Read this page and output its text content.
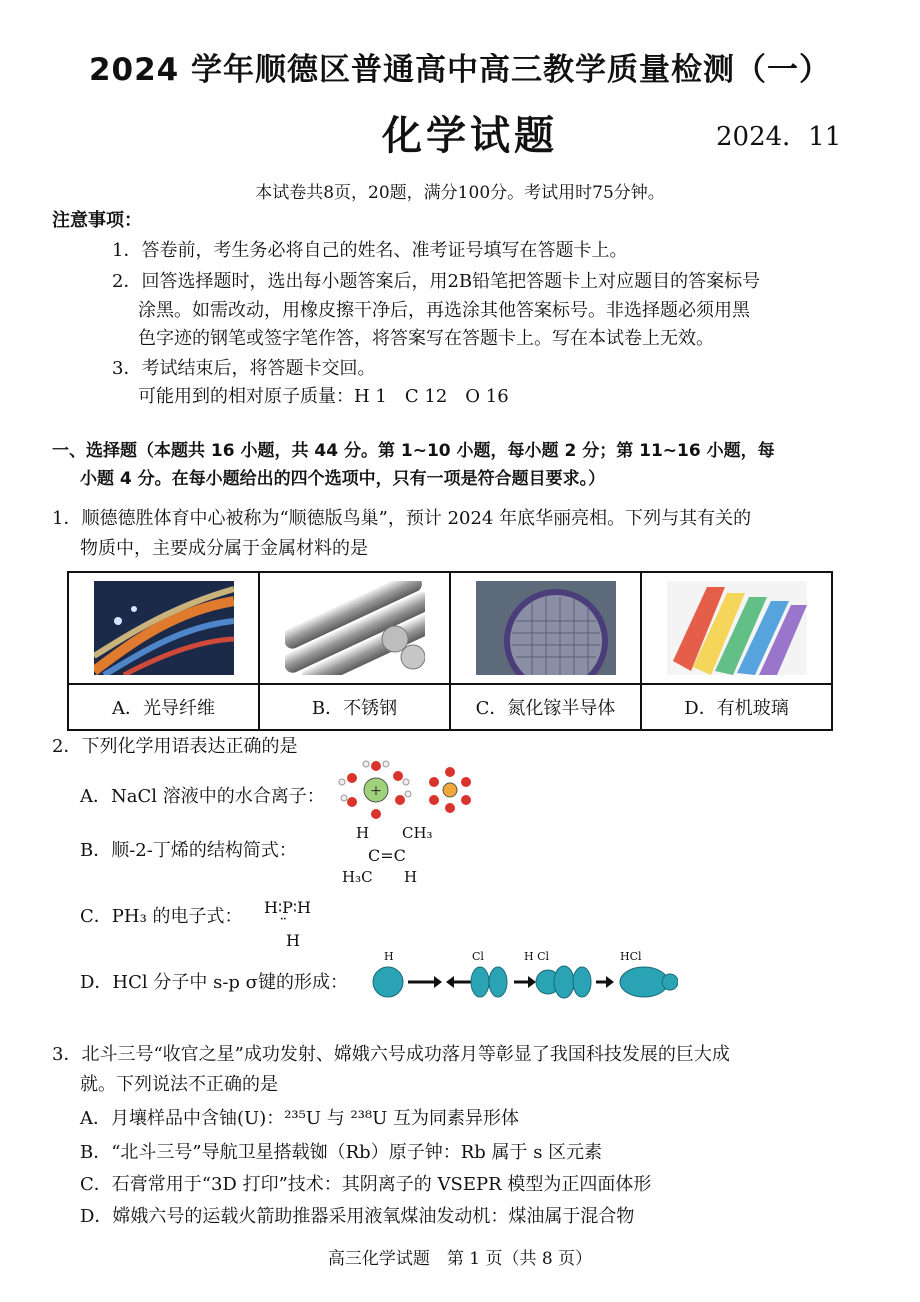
2024 学年顺德区普通高中高三教学质量检测（一）
化学试题	2024．11
本试卷共8页，20题，满分100分。考试用时75分钟。
注意事项：
1．答卷前，考生务必将自己的姓名、准考证号填写在答题卡上。
2．回答选择题时，选出每小题答案后，用2B铅笔把答题卡上对应题目的答案标号
涂黑。如需改动，用橡皮擦干净后，再选涂其他答案标号。非选择题必须用黑
色字迹的钢笔或签字笔作答，将答案写在答题卡上。写在本试卷上无效。
3．考试结束后，将答题卡交回。
可能用到的相对原子质量：H 1　C 12　O 16
一、选择题（本题共 16 小题，共 44 分。第 1~10 小题，每小题 2 分；第 11~16 小题，每
小题 4 分。在每小题给出的四个选项中，只有一项是符合题目要求。）
1．顺德德胜体育中心被称为“顺德版鸟巢”，预计 2024 年底华丽亮相。下列与其有关的
物质中，主要成分属于金属材料的是

A．光导纤维	B．不锈钢	C．氮化镓半导体	D．有机玻璃
2．下列化学用语表达正确的是
A．NaCl 溶液中的水合离子：	+
B．顺-2-丁烯的结构简式：
H CH₃
C=C
H₃C H
C．PH₃ 的电子式： H∶P∶H
¨
H
D．HCl 分子中 s-p σ键的形成：
H	Cl	H Cl	HCl
3．北斗三号“收官之星”成功发射、嫦娥六号成功落月等彰显了我国科技发展的巨大成
就。下列说法不正确的是
A．月壤样品中含铀(U)：²³⁵U 与 ²³⁸U 互为同素异形体
B．“北斗三号”导航卫星搭载铷（Rb）原子钟：Rb 属于 s 区元素
C．石膏常用于“3D 打印”技术：其阴离子的 VSEPR 模型为正四面体形
D．嫦娥六号的运载火箭助推器采用液氧煤油发动机：煤油属于混合物
高三化学试题　第 1 页（共 8 页）
